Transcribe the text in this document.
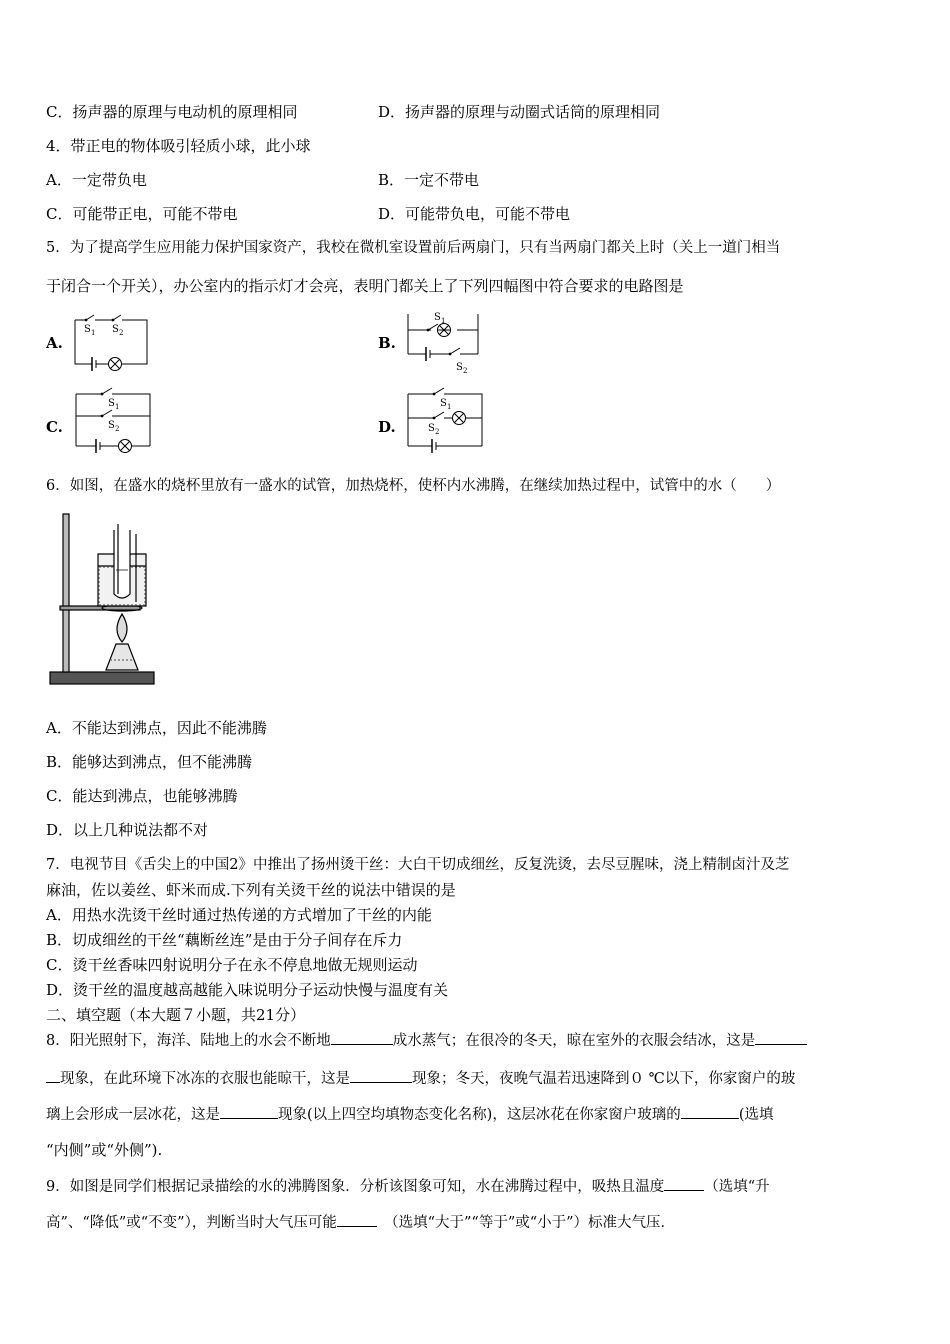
C．扬声器的原理与电动机的原理相同	D．扬声器的原理与动圈式话筒的原理相同
4．带正电的物体吸引轻质小球，此小球
A．一定带负电	B．一定不带电
C．可能带正电，可能不带电	D．可能带负电，可能不带电
5．为了提高学生应用能力保护国家资产，我校在微机室设置前后两扇门，只有当两扇门都关上时（关上一道门相当
于闭合一个开关），办公室内的指示灯才会亮，表明门都关上了下列四幅图中符合要求的电路图是
A.
S 1 S 2
B.
S 1
S 2
C.
S 1
S 2	D.
S 1
S 2
6．如图，在盛水的烧杯里放有一盛水的试管，加热烧杯，使杯内水沸腾，在继续加热过程中，试管中的水（　　）
A．不能达到沸点，因此不能沸腾
B．能够达到沸点，但不能沸腾
C．能达到沸点，也能够沸腾
D．以上几种说法都不对
7．电视节目《舌尖上的中国2》中推出了扬州烫干丝：大白干切成细丝，反复洗烫，去尽豆腥味，浇上精制卤汁及芝
麻油，佐以姜丝、虾米而成.下列有关烫干丝的说法中错误的是
A．用热水洗烫干丝时通过热传递的方式增加了干丝的内能
B．切成细丝的干丝“藕断丝连”是由于分子间存在斥力
C．烫干丝香味四射说明分子在永不停息地做无规则运动
D．烫干丝的温度越高越能入味说明分子运动快慢与温度有关
二、填空题（本大题７小题，共21分）
8．阳光照射下，海洋、陆地上的水会不断地	成水蒸气；在很冷的冬天，晾在室外的衣服会结冰，这是
现象，在此环境下冰冻的衣服也能晾干，这是	现象；冬天，夜晚气温若迅速降到０ ℃以下，你家窗户的玻
璃上会形成一层冰花，这是	现象(以上四空均填物态变化名称)，这层冰花在你家窗户玻璃的	(选填
“内侧”或“外侧”).
9．如图是同学们根据记录描绘的水的沸腾图象．分析该图象可知，水在沸腾过程中，吸热且温度	（选填“升
高”、“降低”或“不变”），判断当时大气压可能	　（选填“大于”“等于”或“小于”）标准大气压．
